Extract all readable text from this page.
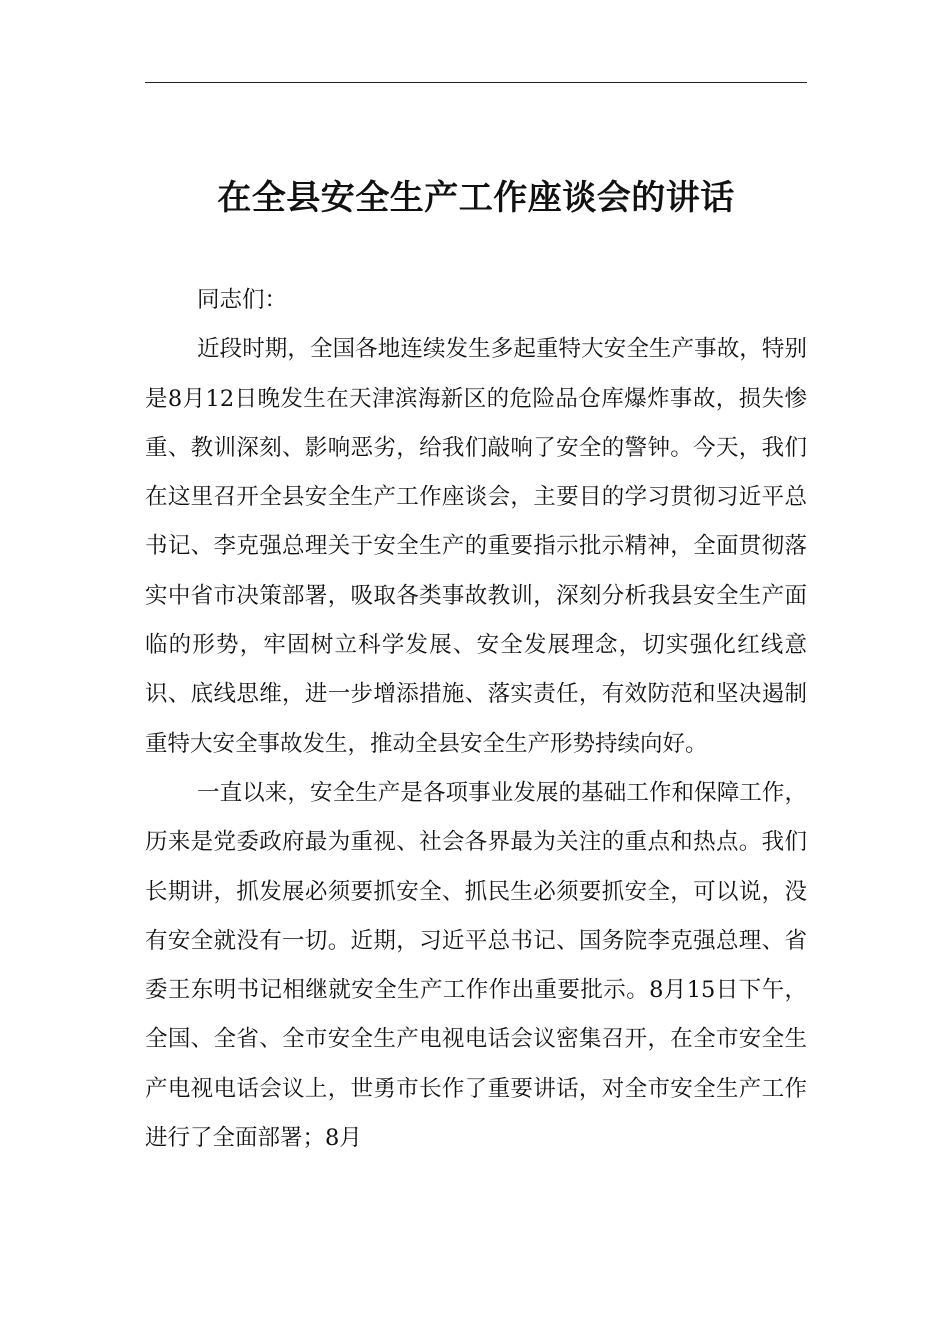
在全县安全生产工作座谈会的讲话

同志们：

近段时期，全国各地连续发生多起重特大安全生产事故，特别是8月12日晚发生在天津滨海新区的危险品仓库爆炸事故，损失惨重、教训深刻、影响恶劣，给我们敲响了安全的警钟。今天，我们在这里召开全县安全生产工作座谈会，主要目的学习贯彻习近平总书记、李克强总理关于安全生产的重要指示批示精神，全面贯彻落实中省市决策部署，吸取各类事故教训，深刻分析我县安全生产面临的形势，牢固树立科学发展、安全发展理念，切实强化红线意识、底线思维，进一步增添措施、落实责任，有效防范和坚决遏制重特大安全事故发生，推动全县安全生产形势持续向好。

一直以来，安全生产是各项事业发展的基础工作和保障工作，历来是党委政府最为重视、社会各界最为关注的重点和热点。我们长期讲，抓发展必须要抓安全、抓民生必须要抓安全，可以说，没有安全就没有一切。近期，习近平总书记、国务院李克强总理、省委王东明书记相继就安全生产工作作出重要批示。8月15日下午，全国、全省、全市安全生产电视电话会议密集召开，在全市安全生产电视电话会议上，世勇市长作了重要讲话，对全市安全生产工作进行了全面部署；8月
